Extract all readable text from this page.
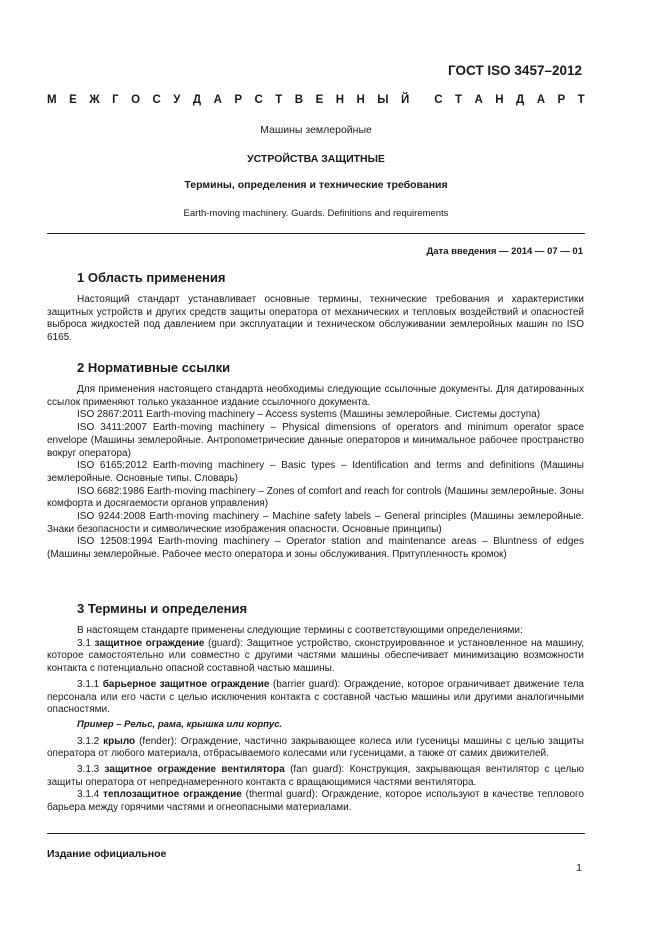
ГОСТ ISO 3457–2012
М Е Ж Г О С У Д А Р С Т В Е Н Н Ы Й С Т А Н Д А Р Т
Машины землеройные
УСТРОЙСТВА ЗАЩИТНЫЕ
Термины, определения и технические требования
Earth-moving machinery. Guards. Definitions and requirements
Дата введения — 2014 — 07 — 01
1 Область применения

Настоящий стандарт устанавливает основные термины, технические требования и характеристики защитных устройств и других средств защиты оператора от механических и тепловых воздействий и опасностей выброса жидкостей под давлением при эксплуатации и техническом обслуживании землеройных машин по ISO 6165.

2 Нормативные ссылки

Для применения настоящего стандарта необходимы следующие ссылочные документы. Для датированных ссылок применяют только указанное издание ссылочного документа.

ISO 2867:2011 Earth-moving machinery – Access systems (Машины землеройные. Системы доступа)

ISO 3411:2007 Earth-moving machinery – Physical dimensions of operators and minimum operator space envelope (Машины землеройные. Антропометрические данные операторов и минимальное рабочее пространство вокруг оператора)

ISO 6165:2012 Earth-moving machinery – Basic types – Identification and terms and definitions (Машины землеройные. Основные типы. Словарь)

ISO 6682:1986 Earth-moving machinery – Zones of comfort and reach for controls (Машины землеройные. Зоны комфорта и досягаемости органов управления)

ISO 9244:2008 Earth-moving machinery – Machine safety labels – General principles (Машины землеройные. Знаки безопасности и символические изображения опасности. Основные принципы)

ISO 12508:1994 Earth-moving machinery – Operator station and maintenance areas – Bluntness of edges (Машины землеройные. Рабочее место оператора и зоны обслуживания. Притупленность кромок)

3 Термины и определения

В настоящем стандарте применены следующие термины с соответствующими определениями:

3.1 защитное ограждение (guard): Защитное устройство, сконструированное и установленное на машину, которое самостоятельно или совместно с другими частями машины обеспечивает минимизацию возможности контакта с потенциально опасной составной частью машины.

3.1.1 барьерное защитное ограждение (barrier guard): Ограждение, которое ограничивает движение тела персонала или его части с целью исключения контакта с составной частью машины или другими аналогичными опасностями.

Пример – Рельс, рама, крышка или корпус.

3.1.2 крыло (fender): Ограждение, частично закрывающее колеса или гусеницы машины с целью защиты оператора от любого материала, отбрасываемого колесами или гусеницами, а также от самих движителей.

3.1.3 защитное ограждение вентилятора (fan guard): Конструкция, закрывающая вентилятор с целью защиты оператора от непреднамеренного контакта с вращающимися частями вентилятора.

3.1.4 теплозащитное ограждение (thermal guard): Ограждение, которое используют в качестве теплового барьера между горячими частями и огнеопасными материалами.

Издание официальное
1
